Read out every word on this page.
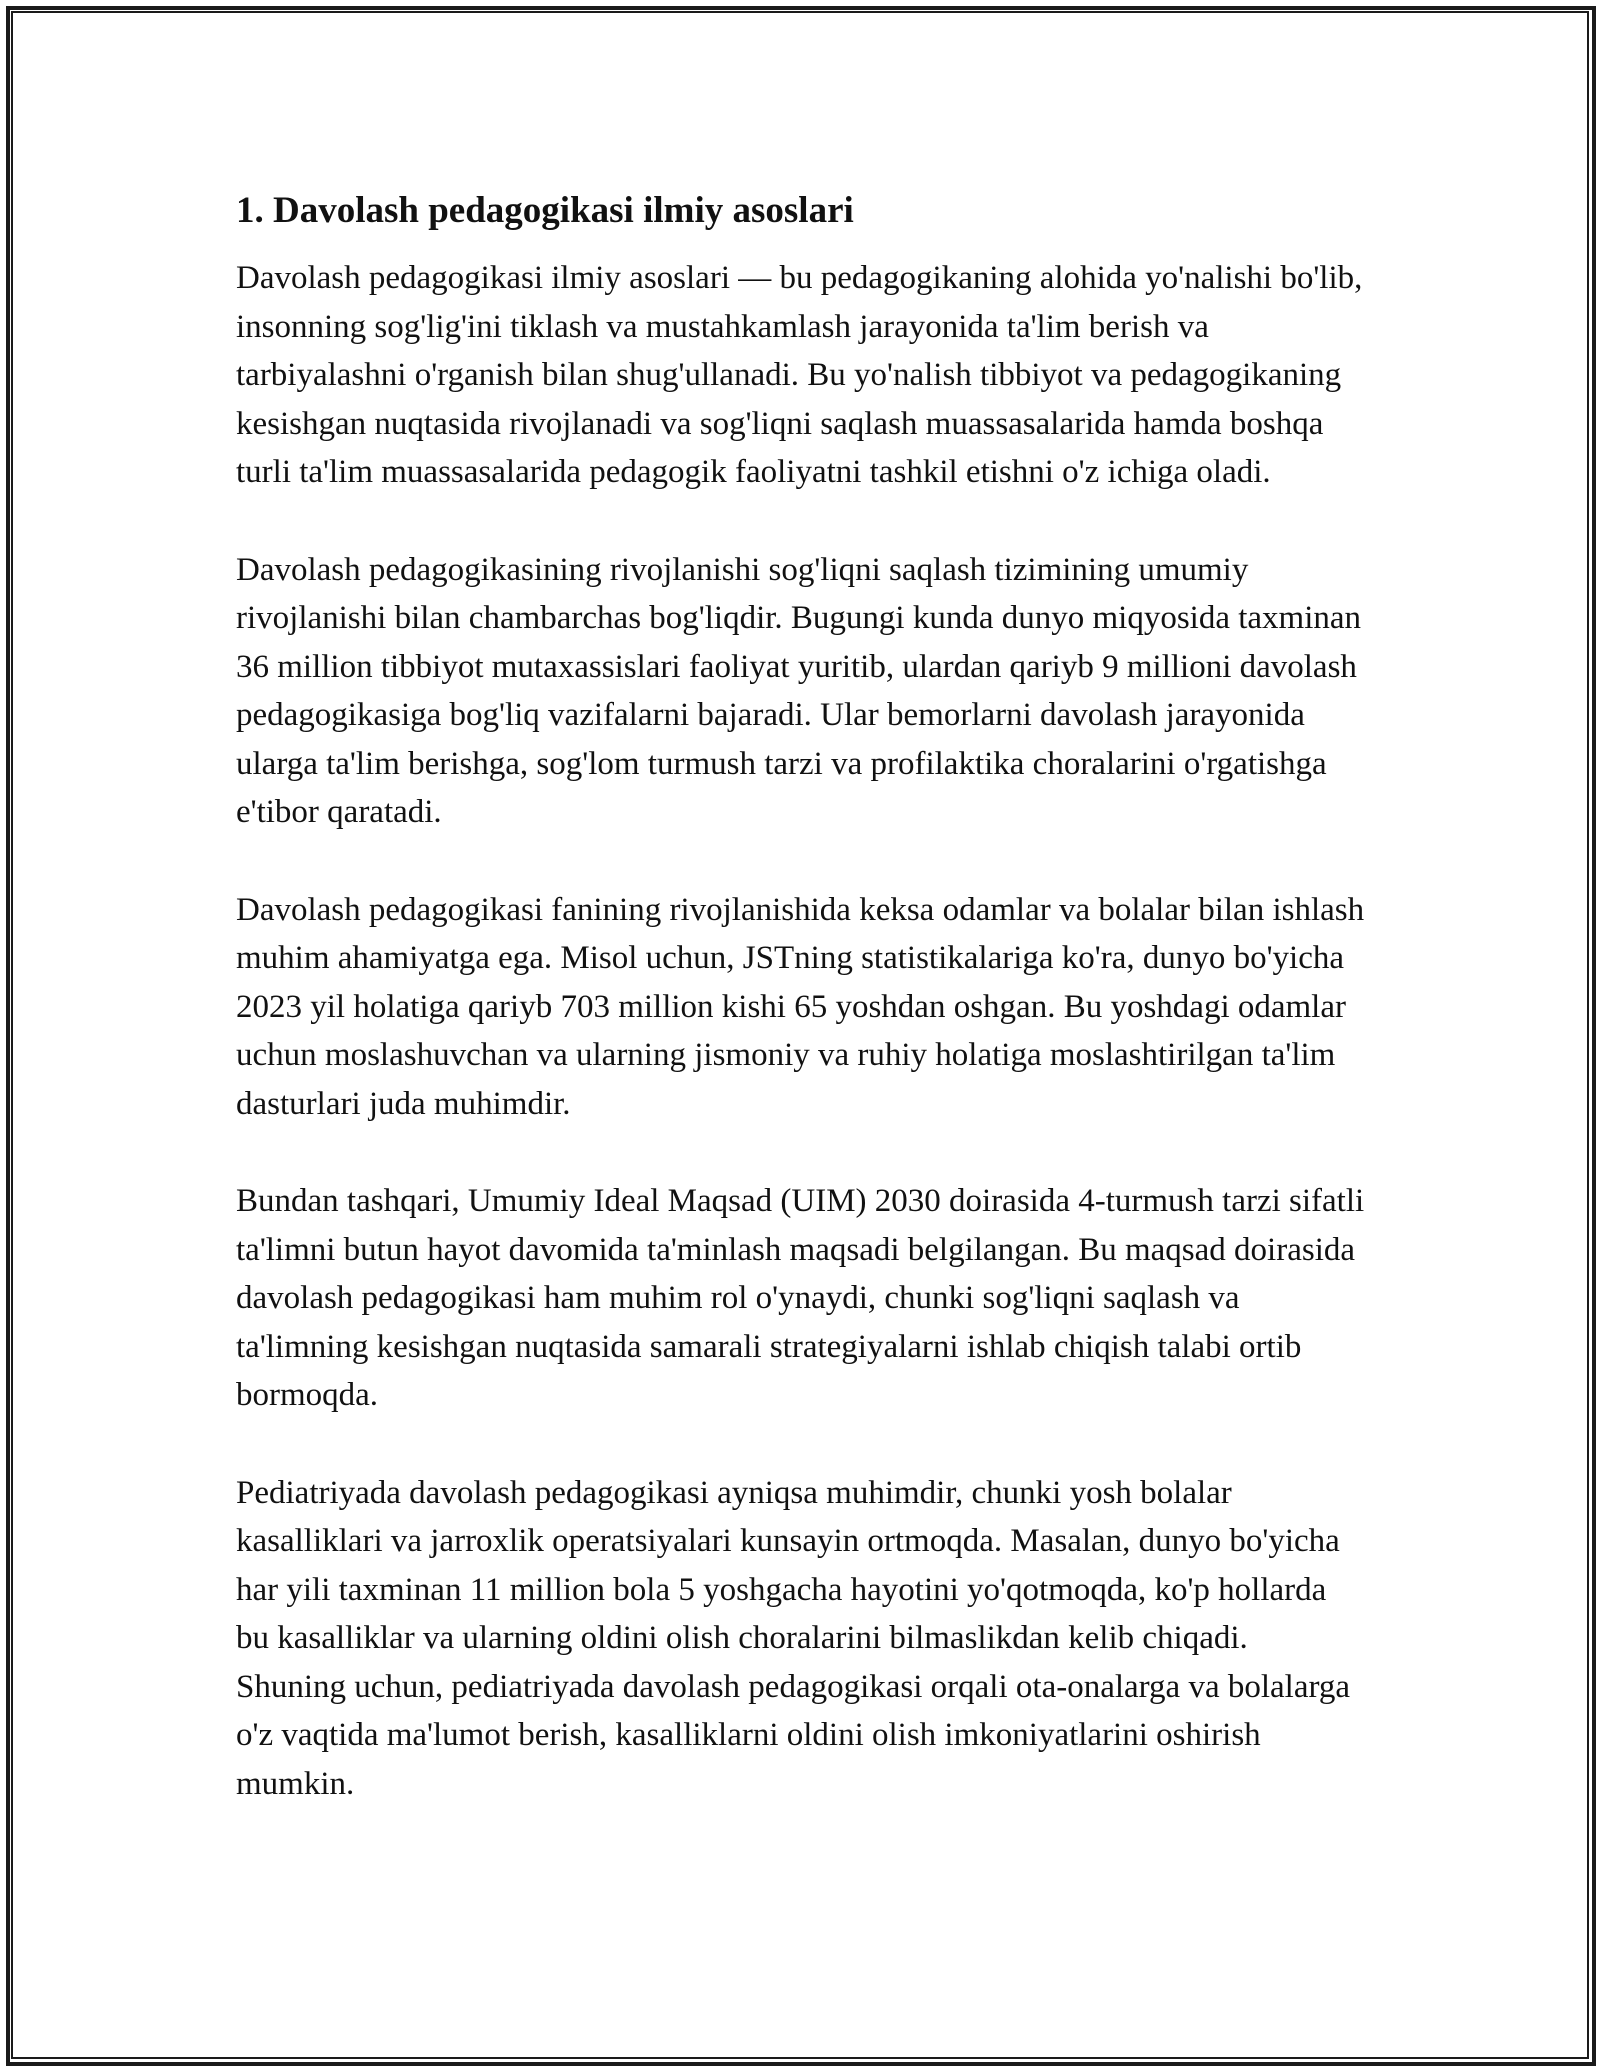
1. Davolash pedagogikasi ilmiy asoslari

Davolash pedagogikasi ilmiy asoslari — bu pedagogikaning alohida yo'nalishi bo'lib, insonning sog'lig'ini tiklash va mustahkamlash jarayonida ta'lim berish va tarbiyalashni o'rganish bilan shug'ullanadi. Bu yo'nalish tibbiyot va pedagogikaning kesishgan nuqtasida rivojlanadi va sog'liqni saqlash muassasalarida hamda boshqa turli ta'lim muassasalarida pedagogik faoliyatni tashkil etishni o'z ichiga oladi.

Davolash pedagogikasining rivojlanishi sog'liqni saqlash tizimining umumiy rivojlanishi bilan chambarchas bog'liqdir. Bugungi kunda dunyo miqyosida taxminan 36 million tibbiyot mutaxassislari faoliyat yuritib, ulardan qariyb 9 millioni davolash pedagogikasiga bog'liq vazifalarni bajaradi. Ular bemorlarni davolash jarayonida ularga ta'lim berishga, sog'lom turmush tarzi va profilaktika choralarini o'rgatishga e'tibor qaratadi.

Davolash pedagogikasi fanining rivojlanishida keksa odamlar va bolalar bilan ishlash muhim ahamiyatga ega. Misol uchun, JSTning statistikalariga ko'ra, dunyo bo'yicha 2023 yil holatiga qariyb 703 million kishi 65 yoshdan oshgan. Bu yoshdagi odamlar uchun moslashuvchan va ularning jismoniy va ruhiy holatiga moslashtirilgan ta'lim dasturlari juda muhimdir.

Bundan tashqari, Umumiy Ideal Maqsad (UIM) 2030 doirasida 4-turmush tarzi sifatli ta'limni butun hayot davomida ta'minlash maqsadi belgilangan. Bu maqsad doirasida davolash pedagogikasi ham muhim rol o'ynaydi, chunki sog'liqni saqlash va ta'limning kesishgan nuqtasida samarali strategiyalarni ishlab chiqish talabi ortib bormoqda.

Pediatriyada davolash pedagogikasi ayniqsa muhimdir, chunki yosh bolalar kasalliklari va jarroxlik operatsiyalari kunsayin ortmoqda. Masalan, dunyo bo'yicha har yili taxminan 11 million bola 5 yoshgacha hayotini yo'qotmoqda, ko'p hollarda bu kasalliklar va ularning oldini olish choralarini bilmaslikdan kelib chiqadi. Shuning uchun, pediatriyada davolash pedagogikasi orqali ota-onalarga va bolalarga o'z vaqtida ma'lumot berish, kasalliklarni oldini olish imkoniyatlarini oshirish mumkin.
